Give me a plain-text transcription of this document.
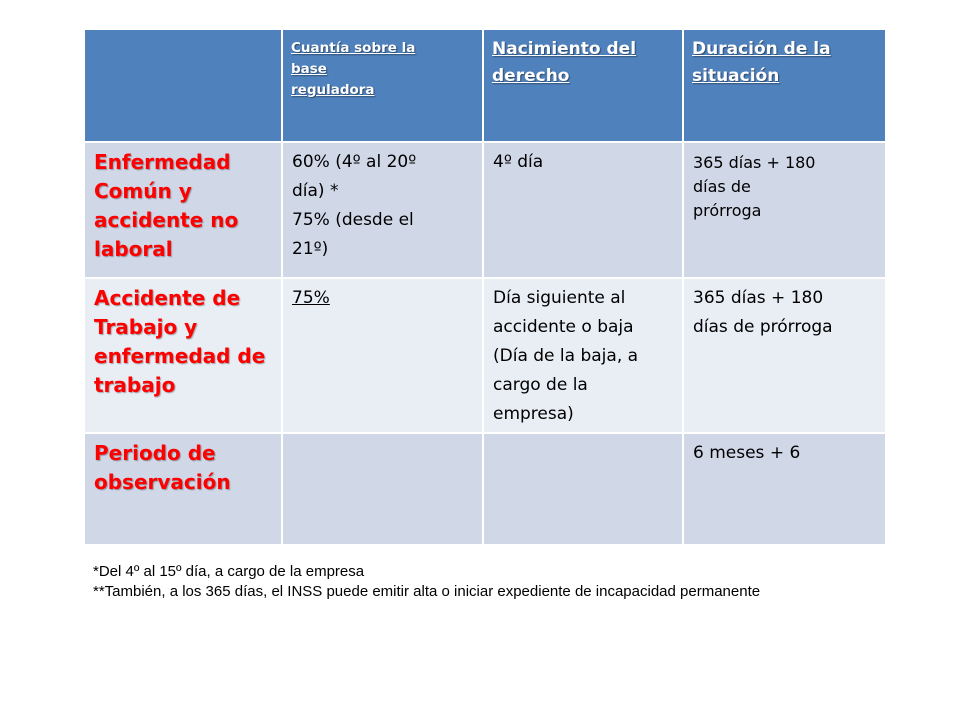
	Cuantía sobre la
base
reguladora	Nacimiento del
derecho	Duración de la
situación

Enfermedad
Común y
accidente no
laboral	60% (4º al 20º
día) *
75% (desde el
21º)	4º día	365 días + 180
días de
prórroga

Accidente de
Trabajo y
enfermedad de
trabajo	75%	Día siguiente al
accidente o baja
(Día de la baja, a
cargo de la
empresa)	365 días + 180
días de prórroga

Periodo de
observación			6 meses + 6

*Del 4º al 15º día, a cargo de la empresa

**También, a los 365 días, el INSS puede emitir alta o iniciar expediente de incapacidad permanente
